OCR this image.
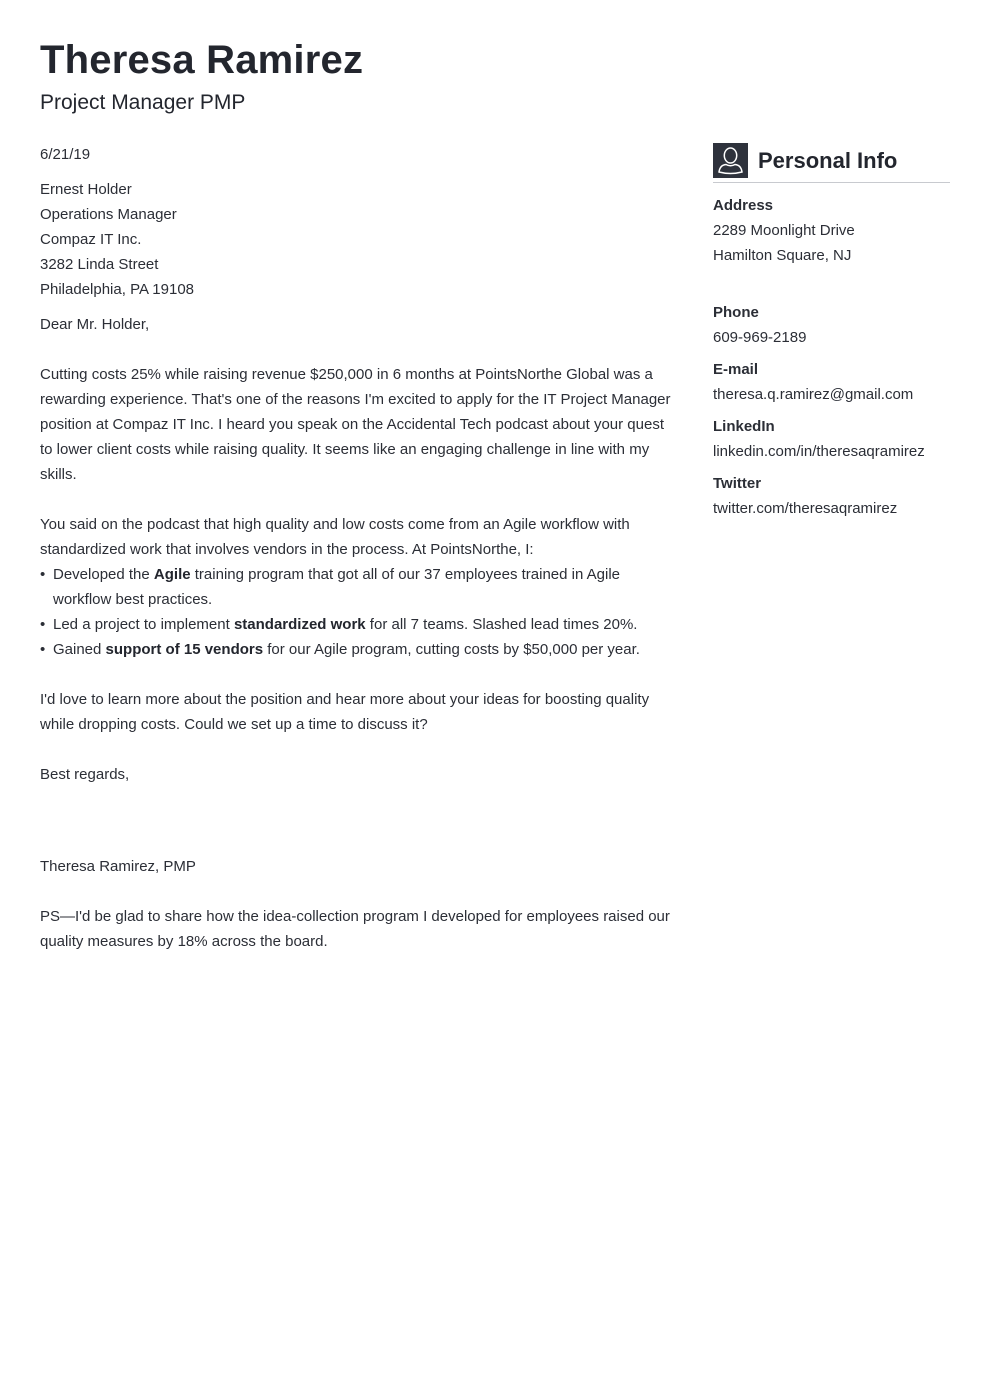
Theresa Ramirez
Project Manager PMP
6/21/19
Ernest Holder
Operations Manager
Compaz IT Inc.
3282 Linda Street
Philadelphia, PA 19108
Dear Mr. Holder,
Cutting costs 25% while raising revenue $250,000 in 6 months at PointsNorthe Global was a rewarding experience. That's one of the reasons I'm excited to apply for the IT Project Manager position at Compaz IT Inc. I heard you speak on the Accidental Tech podcast about your quest to lower client costs while raising quality. It seems like an engaging challenge in line with my skills.
You said on the podcast that high quality and low costs come from an Agile workflow with standardized work that involves vendors in the process. At PointsNorthe, I:
• Developed the Agile training program that got all of our 37 employees trained in Agile workflow best practices.
• Led a project to implement standardized work for all 7 teams. Slashed lead times 20%.
• Gained support of 15 vendors for our Agile program, cutting costs by $50,000 per year.
I'd love to learn more about the position and hear more about your ideas for boosting quality while dropping costs. Could we set up a time to discuss it?
Best regards,
Theresa Ramirez, PMP
PS—I'd be glad to share how the idea-collection program I developed for employees raised our quality measures by 18% across the board.
Personal Info
Address
2289 Moonlight Drive
Hamilton Square, NJ
Phone
609-969-2189
E-mail
theresa.q.ramirez@gmail.com
LinkedIn
linkedin.com/in/theresaqramirez
Twitter
twitter.com/theresaqramirez
